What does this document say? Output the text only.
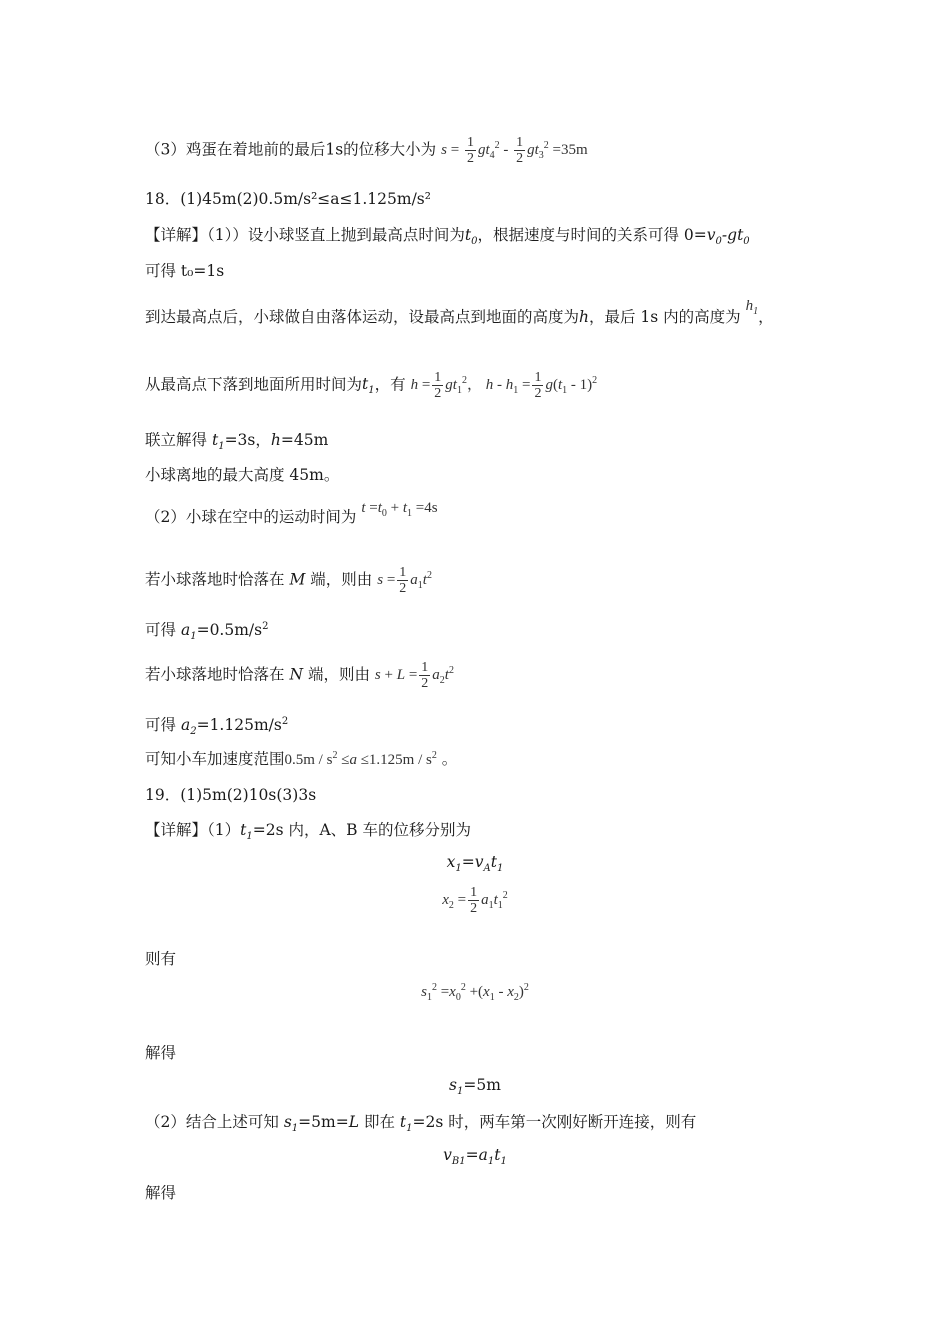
（3）鸡蛋在着地前的最后1s的位移大小为 $s = \frac{1}{2} gt_4^2 - \frac{1}{2} gt_3^2 =35m$
18．(1)45m(2)0.5m/s²≤a≤1.125m/s²
【详解】（1））设小球竖直上抛到最高点时间为$t_0$，根据速度与时间的关系可得 $0=v_0-gt_0$
可得 t₀=1s
到达最高点后，小球做自由落体运动，设最高点到地面的高度为h，最后 1s 内的高度为 $h_1$，
从最高点下落到地面所用时间为$t_1$，有 $h = \frac{1}{2} gt_1^2$， $h - h_1 = \frac{1}{2} g(t_1 - 1)^2$
联立解得 $t_1=3s$，h=45m
小球离地的最大高度 45m。
（2）小球在空中的运动时间为 $t =t_0 + t_1 =4s$
若小球落地时恰落在 M 端，则由 $s = \frac{1}{2} a_1t^2$
可得 $a_1=0.5m/s^2$
若小球落地时恰落在 N 端，则由 $s + L = \frac{1}{2} a_2t^2$
可得 $a_2=1.125m/s^2$
可知小车加速度范围$0.5m / s^2 \le a \le 1.125m / s^2$ 。
19．(1)5m(2)10s(3)3s
【详解】$(1)t_1=2s$ 内，A、B 车的位移分别为
$x_1=v_At_1$
$x_2 = \frac{1}{2} a_1t_1^2$
则有
$s_1^2 =x_0^2 +(x_1 - x_2)^2$
解得
$s_1=5m$
（2）结合上述可知 $s_1=5m=L$ 即在 $t_1=2s$ 时，两车第一次刚好断开连接，则有
$v_{B1}=a_1t_1$
解得
